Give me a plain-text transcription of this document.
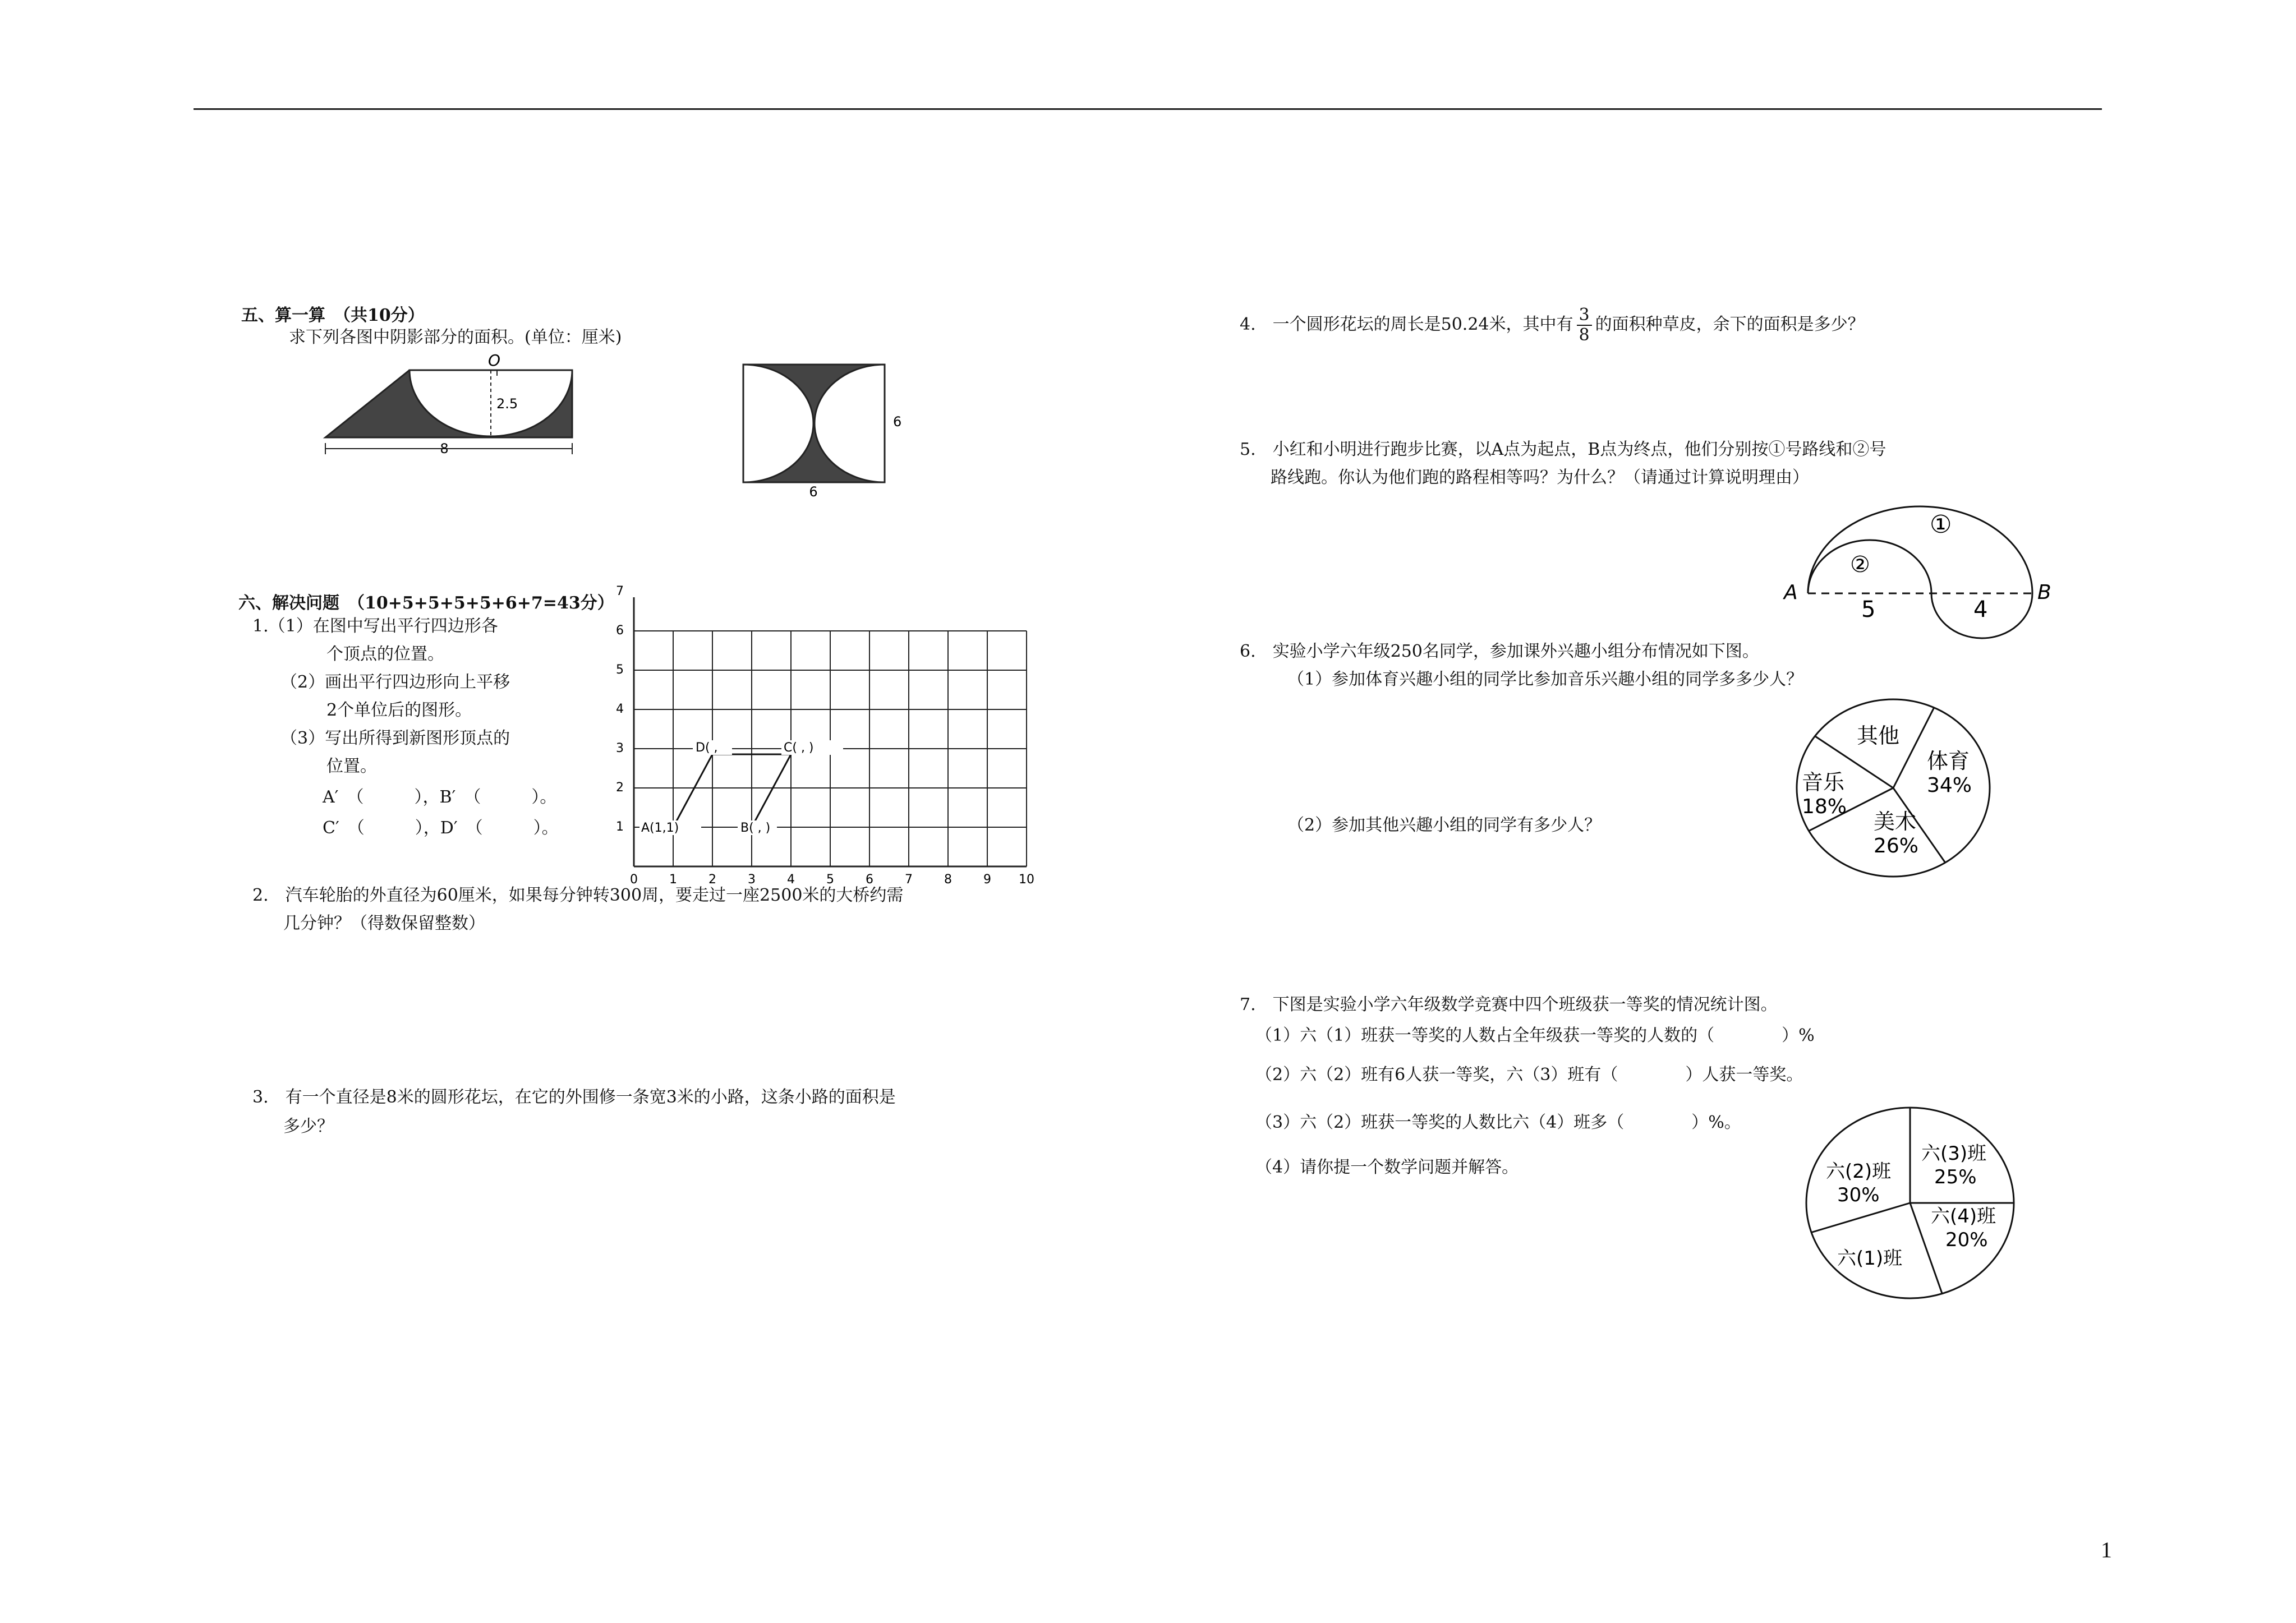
五、算一算　（共10分）
求下列各图中阴影部分的面积。(单位：厘米)
O
2.5
8
6
6
六、解决问题　（10+5+5+5+5+6+7=43分）
1.（1）在图中写出平行四边形各
个顶点的位置。
（2）画出平行四边形向上平移
2个单位后的图形。
（3）写出所得到新图形顶点的
位置。
A′　（　　　），B′　（　　　）。
C′　（　　　），D′　（　　　）。
0	1	2	3	4	5	6	7	8	9 10
1
2
3
4
5
6
7
A(1,1)	B( , )
D( ,	C( , )
2.　汽车轮胎的外直径为60厘米，如果每分钟转300周，要走过一座2500米的大桥约需
几分钟？（得数保留整数）
3.　有一个直径是8米的圆形花坛，在它的外围修一条宽3米的小路，这条小路的面积是
多少？
4.　一个圆形花坛的周长是50.24米，其中有 $\frac{3}{8}$ 的面积种草皮，余下的面积是多少？
5.　小红和小明进行跑步比赛，以A点为起点，B点为终点，他们分别按①号路线和②号
路线跑。你认为他们跑的路程相等吗？为什么？（请通过计算说明理由）
A	B
①
②
5	4
6.　实验小学六年级250名同学，参加课外兴趣小组分布情况如下图。
（1）参加体育兴趣小组的同学比参加音乐兴趣小组的同学多多少人？
（2）参加其他兴趣小组的同学有多少人？
其他
体育
34%
音乐
18%
美术
26%
7.　下图是实验小学六年级数学竞赛中四个班级获一等奖的情况统计图。
（1）六（1）班获一等奖的人数占全年级获一等奖的人数的（　　　　）%
（2）六（2）班有6人获一等奖，六（3）班有（　　　　）人获一等奖。
（3）六（2）班获一等奖的人数比六（4）班多（　　　　）%。
（4）请你提一个数学问题并解答。	六(2)班
30%
六(3)班
25%
六(4)班
20%
六(1)班
1
